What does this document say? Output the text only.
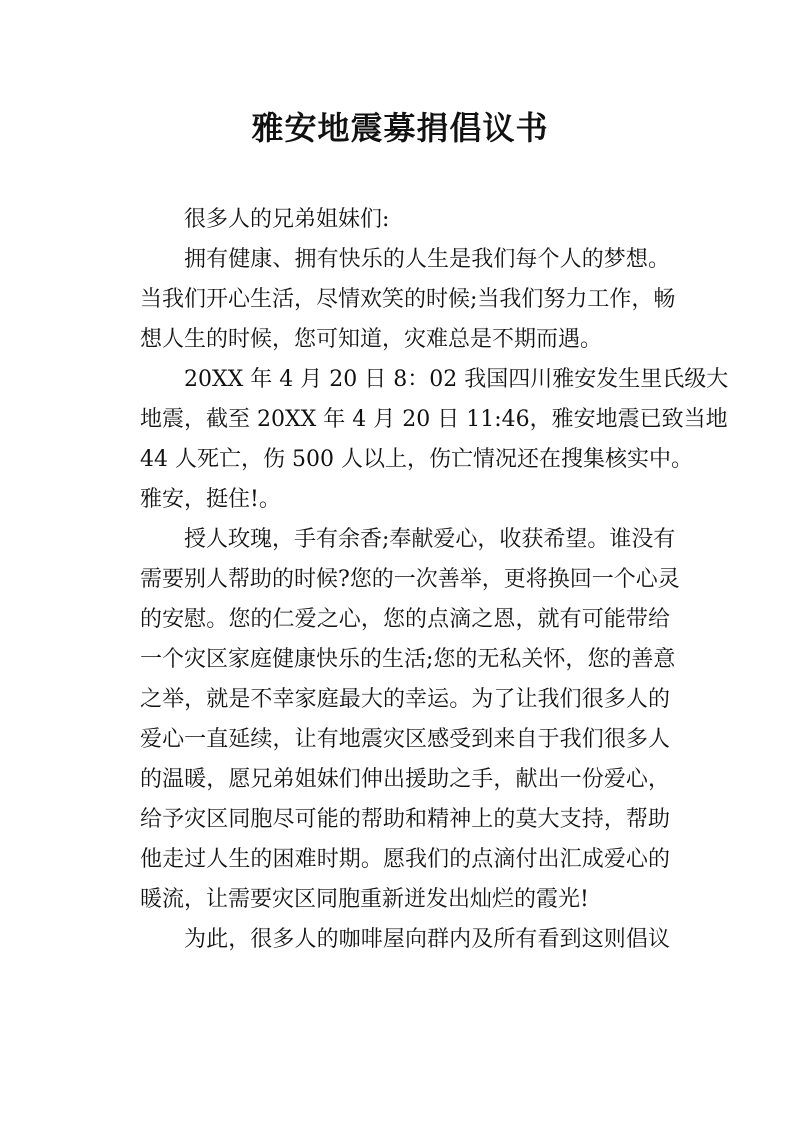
雅安地震募捐倡议书
很多人的兄弟姐妹们:
拥有健康、拥有快乐的人生是我们每个人的梦想。
当我们开心生活，尽情欢笑的时候;当我们努力工作，畅
想人生的时候，您可知道，灾难总是不期而遇。
20XX 年 4 月 20 日 8：02 我国四川雅安发生里氏级大
地震，截至 20XX 年 4 月 20 日 11:46，雅安地震已致当地
44 人死亡，伤 500 人以上，伤亡情况还在搜集核实中。
雅安，挺住!。
授人玫瑰，手有余香;奉献爱心，收获希望。谁没有
需要别人帮助的时候?您的一次善举，更将换回一个心灵
的安慰。您的仁爱之心，您的点滴之恩，就有可能带给
一个灾区家庭健康快乐的生活;您的无私关怀，您的善意
之举，就是不幸家庭最大的幸运。为了让我们很多人的
爱心一直延续，让有地震灾区感受到来自于我们很多人
的温暖，愿兄弟姐妹们伸出援助之手，献出一份爱心，
给予灾区同胞尽可能的帮助和精神上的莫大支持，帮助
他走过人生的困难时期。愿我们的点滴付出汇成爱心的
暖流，让需要灾区同胞重新迸发出灿烂的霞光!
为此，很多人的咖啡屋向群内及所有看到这则倡议
